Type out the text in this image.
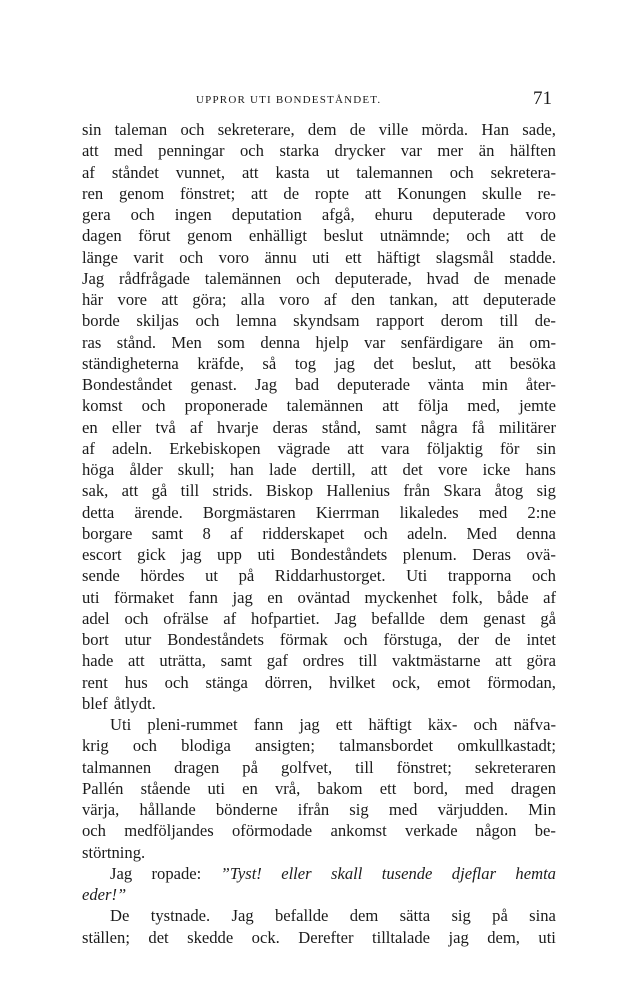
UPPROR UTI BONDESTÅNDET.	71
sin taleman och sekreterare, dem de ville mörda. Han sade,
att med penningar och starka drycker var mer än hälften
af ståndet vunnet, att kasta ut talemannen och sekretera-
ren genom fönstret; att de ropte att Konungen skulle re-
gera och ingen deputation afgå, ehuru deputerade voro
dagen förut genom enhälligt beslut utnämnde; och att de
länge varit och voro ännu uti ett häftigt slagsmål stadde.
Jag rådfrågade talemännen och deputerade, hvad de menade
här vore att göra; alla voro af den tankan, att deputerade
borde skiljas och lemna skyndsam rapport derom till de-
ras stånd. Men som denna hjelp var senfärdigare än om-
ständigheterna kräfde, så tog jag det beslut, att besöka
Bondeståndet genast. Jag bad deputerade vänta min åter-
komst och proponerade talemännen att följa med, jemte
en eller två af hvarje deras stånd, samt några få militärer
af adeln. Erkebiskopen vägrade att vara följaktig för sin
höga ålder skull; han lade dertill, att det vore icke hans
sak, att gå till strids. Biskop Hallenius från Skara åtog sig
detta ärende. Borgmästaren Kierrman likaledes med 2:ne
borgare samt 8 af ridderskapet och adeln. Med denna
escort gick jag upp uti Bondeståndets plenum. Deras ovä-
sende hördes ut på Riddarhustorget. Uti trapporna och
uti förmaket fann jag en oväntad myckenhet folk, både af
adel och ofrälse af hofpartiet. Jag befallde dem genast gå
bort utur Bondeståndets förmak och förstuga, der de intet
hade att uträtta, samt gaf ordres till vaktmästarne att göra
rent hus och stänga dörren, hvilket ock, emot förmodan,
blef åtlydt.
Uti pleni-rummet fann jag ett häftigt käx- och näfva-
krig och blodiga ansigten; talmansbordet omkullkastadt;
talmannen dragen på golfvet, till fönstret; sekreteraren
Pallén stående uti en vrå, bakom ett bord, med dragen
värja, hållande bönderne ifrån sig med värjudden. Min
och medföljandes oförmodade ankomst verkade någon be-
störtning.
Jag ropade: ”Tyst! eller skall tusende djeflar hemta
eder!”
De tystnade. Jag befallde dem sätta sig på sina
ställen; det skedde ock. Derefter tilltalade jag dem, uti
